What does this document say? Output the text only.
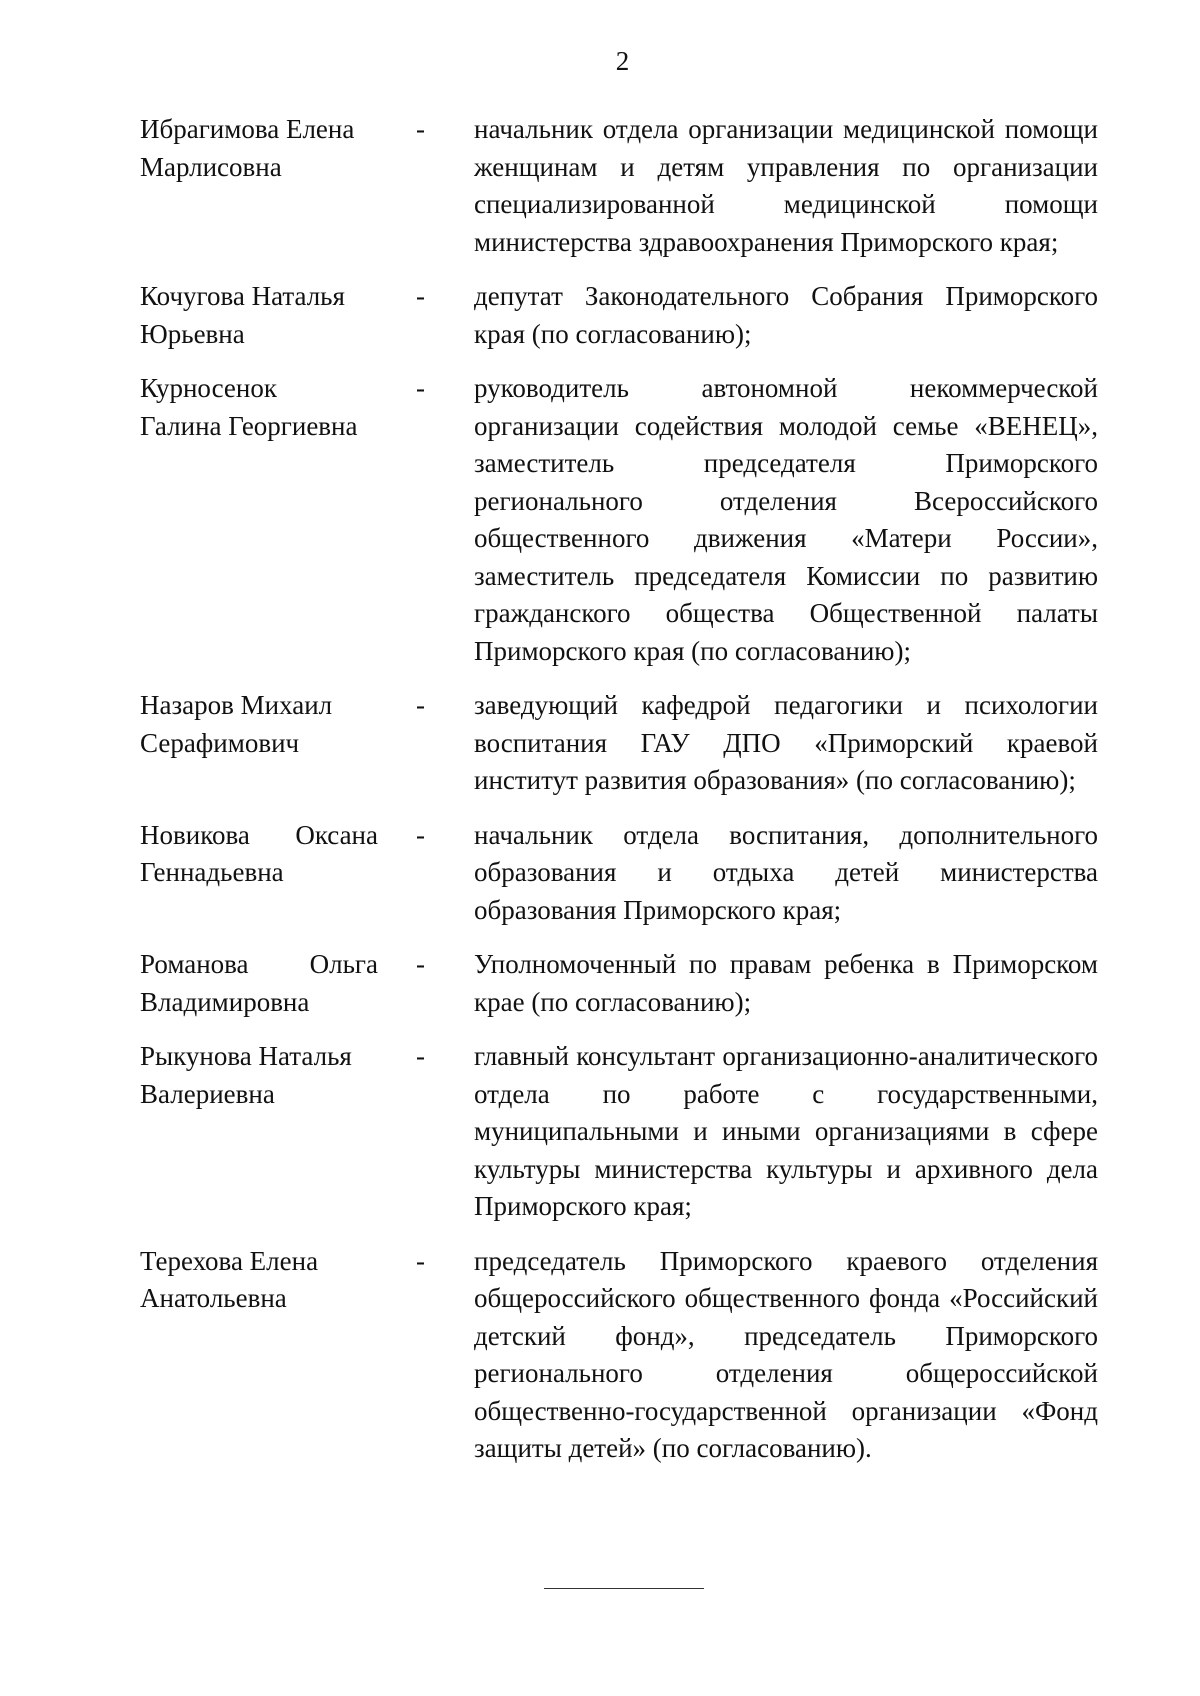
2
Ибрагимова Елена
Марлисовна
- начальник отдела организации медицинской помощи женщинам и детям управления по организации специализированной медицинской помощи министерства здравоохранения Приморского края;
Кочугова Наталья
Юрьевна
- депутат Законодательного Собрания Приморского края (по согласованию);
Курносенок
Галина Георгиевна
- руководитель автономной некоммерческой организации содействия молодой семье «ВЕНЕЦ», заместитель председателя Приморского регионального отделения Всероссийского общественного движения «Матери России», заместитель председателя Комиссии по развитию гражданского общества Общественной палаты Приморского края (по согласованию);
Назаров Михаил
Серафимович
- заведующий кафедрой педагогики и психологии воспитания ГАУ ДПО «Приморский краевой институт развития образования» (по согласованию);
Новикова Оксана
Геннадьевна
- начальник отдела воспитания, дополнительного образования и отдыха детей министерства образования Приморского края;
Романова Ольга
Владимировна
- Уполномоченный по правам ребенка в Приморском крае (по согласованию);
Рыкунова Наталья
Валериевна
- главный консультант организационно-аналитического отдела по работе с государственными, муниципальными и иными организациями в сфере культуры министерства культуры и архивного дела Приморского края;
Терехова Елена
Анатольевна
- председатель Приморского краевого отделения общероссийского общественного фонда «Российский детский фонд», председатель Приморского регионального отделения общероссийской общественно-государственной организации «Фонд защиты детей» (по согласованию).
